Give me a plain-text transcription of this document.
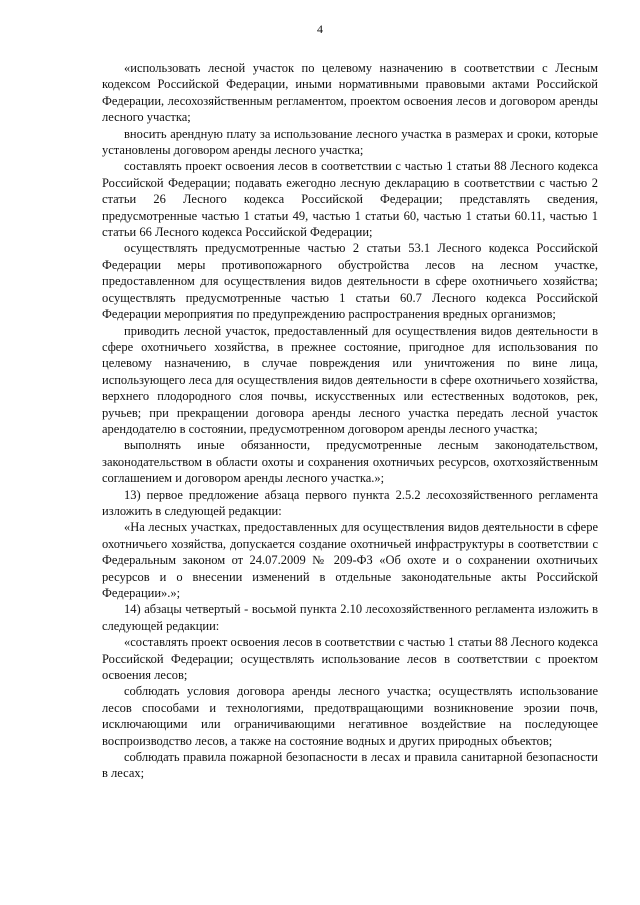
4

«использовать лесной участок по целевому назначению в соответствии с Лесным кодексом Российской Федерации, иными нормативными правовыми актами Российской Федерации, лесохозяйственным регламентом, проектом освоения лесов и договором аренды лесного участка;

вносить арендную плату за использование лесного участка в размерах и сроки, которые установлены договором аренды лесного участка;

составлять проект освоения лесов в соответствии с частью 1 статьи 88 Лесного кодекса Российской Федерации; подавать ежегодно лесную декларацию в соответствии с частью 2 статьи 26 Лесного кодекса Российской Федерации; представлять сведения, предусмотренные частью 1 статьи 49, частью 1 статьи 60, частью 1 статьи 60.11, частью 1 статьи 66 Лесного кодекса Российской Федерации;

осуществлять предусмотренные частью 2 статьи 53.1 Лесного кодекса Российской Федерации меры противопожарного обустройства лесов на лесном участке, предоставленном для осуществления видов деятельности в сфере охотничьего хозяйства; осуществлять предусмотренные частью 1 статьи 60.7 Лесного кодекса Российской Федерации мероприятия по предупреждению распространения вредных организмов;

приводить лесной участок, предоставленный для осуществления видов деятельности в сфере охотничьего хозяйства, в прежнее состояние, пригодное для использования по целевому назначению, в случае повреждения или уничтожения по вине лица, использующего леса для осуществления видов деятельности в сфере охотничьего хозяйства, верхнего плодородного слоя почвы, искусственных или естественных водотоков, рек, ручьев; при прекращении договора аренды лесного участка передать лесной участок арендодателю в состоянии, предусмотренном договором аренды лесного участка;

выполнять иные обязанности, предусмотренные лесным законодательством, законодательством в области охоты и сохранения охотничьих ресурсов, охотхозяйственным соглашением и договором аренды лесного участка.»;

13) первое предложение абзаца первого пункта 2.5.2 лесохозяйственного регламента изложить в следующей редакции:

«На лесных участках, предоставленных для осуществления видов деятельности в сфере охотничьего хозяйства, допускается создание охотничьей инфраструктуры в соответствии с Федеральным законом от 24.07.2009 № 209-ФЗ «Об охоте и о сохранении охотничьих ресурсов и о внесении изменений в отдельные законодательные акты Российской Федерации».»;

14) абзацы четвертый - восьмой пункта 2.10 лесохозяйственного регламента изложить в следующей редакции:

«составлять проект освоения лесов в соответствии с частью 1 статьи 88 Лесного кодекса Российской Федерации; осуществлять использование лесов в соответствии с проектом освоения лесов;

соблюдать условия договора аренды лесного участка; осуществлять использование лесов способами и технологиями, предотвращающими возникновение эрозии почв, исключающими или ограничивающими негативное воздействие на последующее воспроизводство лесов, а также на состояние водных и других природных объектов;

соблюдать правила пожарной безопасности в лесах и правила санитарной безопасности в лесах;
